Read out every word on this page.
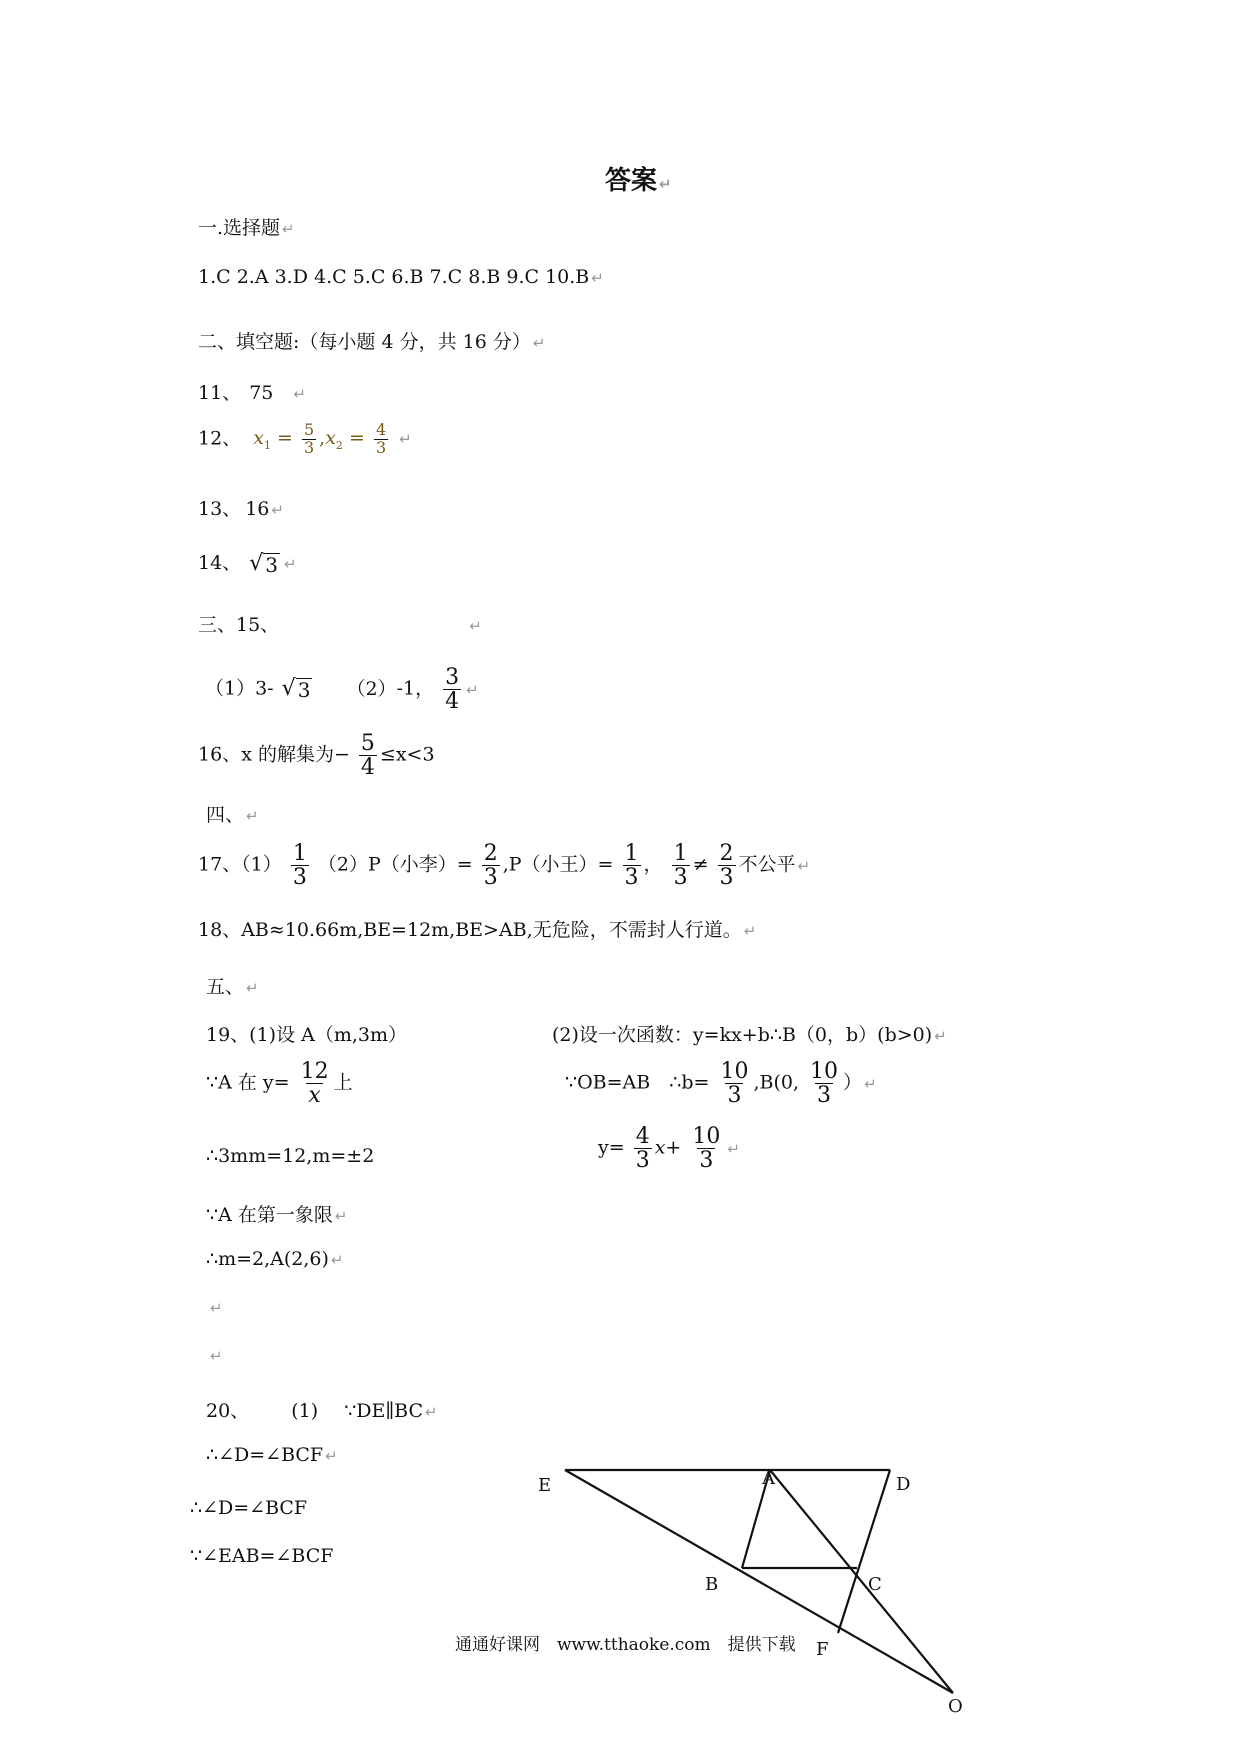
答案 ↵
一.选择题 ↵
1.C 2.A 3.D 4.C 5.C 6.B 7.C 8.B 9.C 10.B ↵
二、填空题:（每小题 4 分，共 16 分） ↵
11、 75 ↵
12、 $x_1 = \frac{5}{3} ,x_2 = \frac{4}{3}$ ↵
13、 16 ↵
14、 √ 3 ↵
三、15、	↵
（1）3- √ 3 （2）-1， $\frac{3}{4}$ ↵
16、x 的解集为− $\frac{5}{4} \le x<3$
四、 ↵
17、$(1) \frac{1}{3} (2)P$（小李）= $\frac{2}{3} ,P$（小王）= $\frac{1}{3}$ ， $\frac{1}{3} \ne \frac{2}{3}$ 不公平 ↵
18、AB≈10.66m,BE=12m,BE>AB,无危险，不需封人行道。 ↵
五、 ↵
19、(1)设 A（m,3m）
∵A 在 $y= \frac{12}{x}$ 上
∴3mm=12,m=±2
∵A 在第一象限 ↵
∴m=2,A(2,6) ↵
↵
↵
(2)设一次函数：y=kx+b∴B（0，b）(b>0) ↵
∵OB=AB　∴b= $\frac{10}{3} ,B(0$, $\frac{10}{3}$ ） ↵
$y= \frac{4}{3} x+ \frac{10}{3}$ ↵
20、 (1) ∵DE∥BC ↵
∴∠D=∠BCF ↵
∴∠D=∠BCF
∵∠EAB=∠BCF
E	A	D
B	C
F
O
通通好课网　www.tthaoke.com　提供下载
